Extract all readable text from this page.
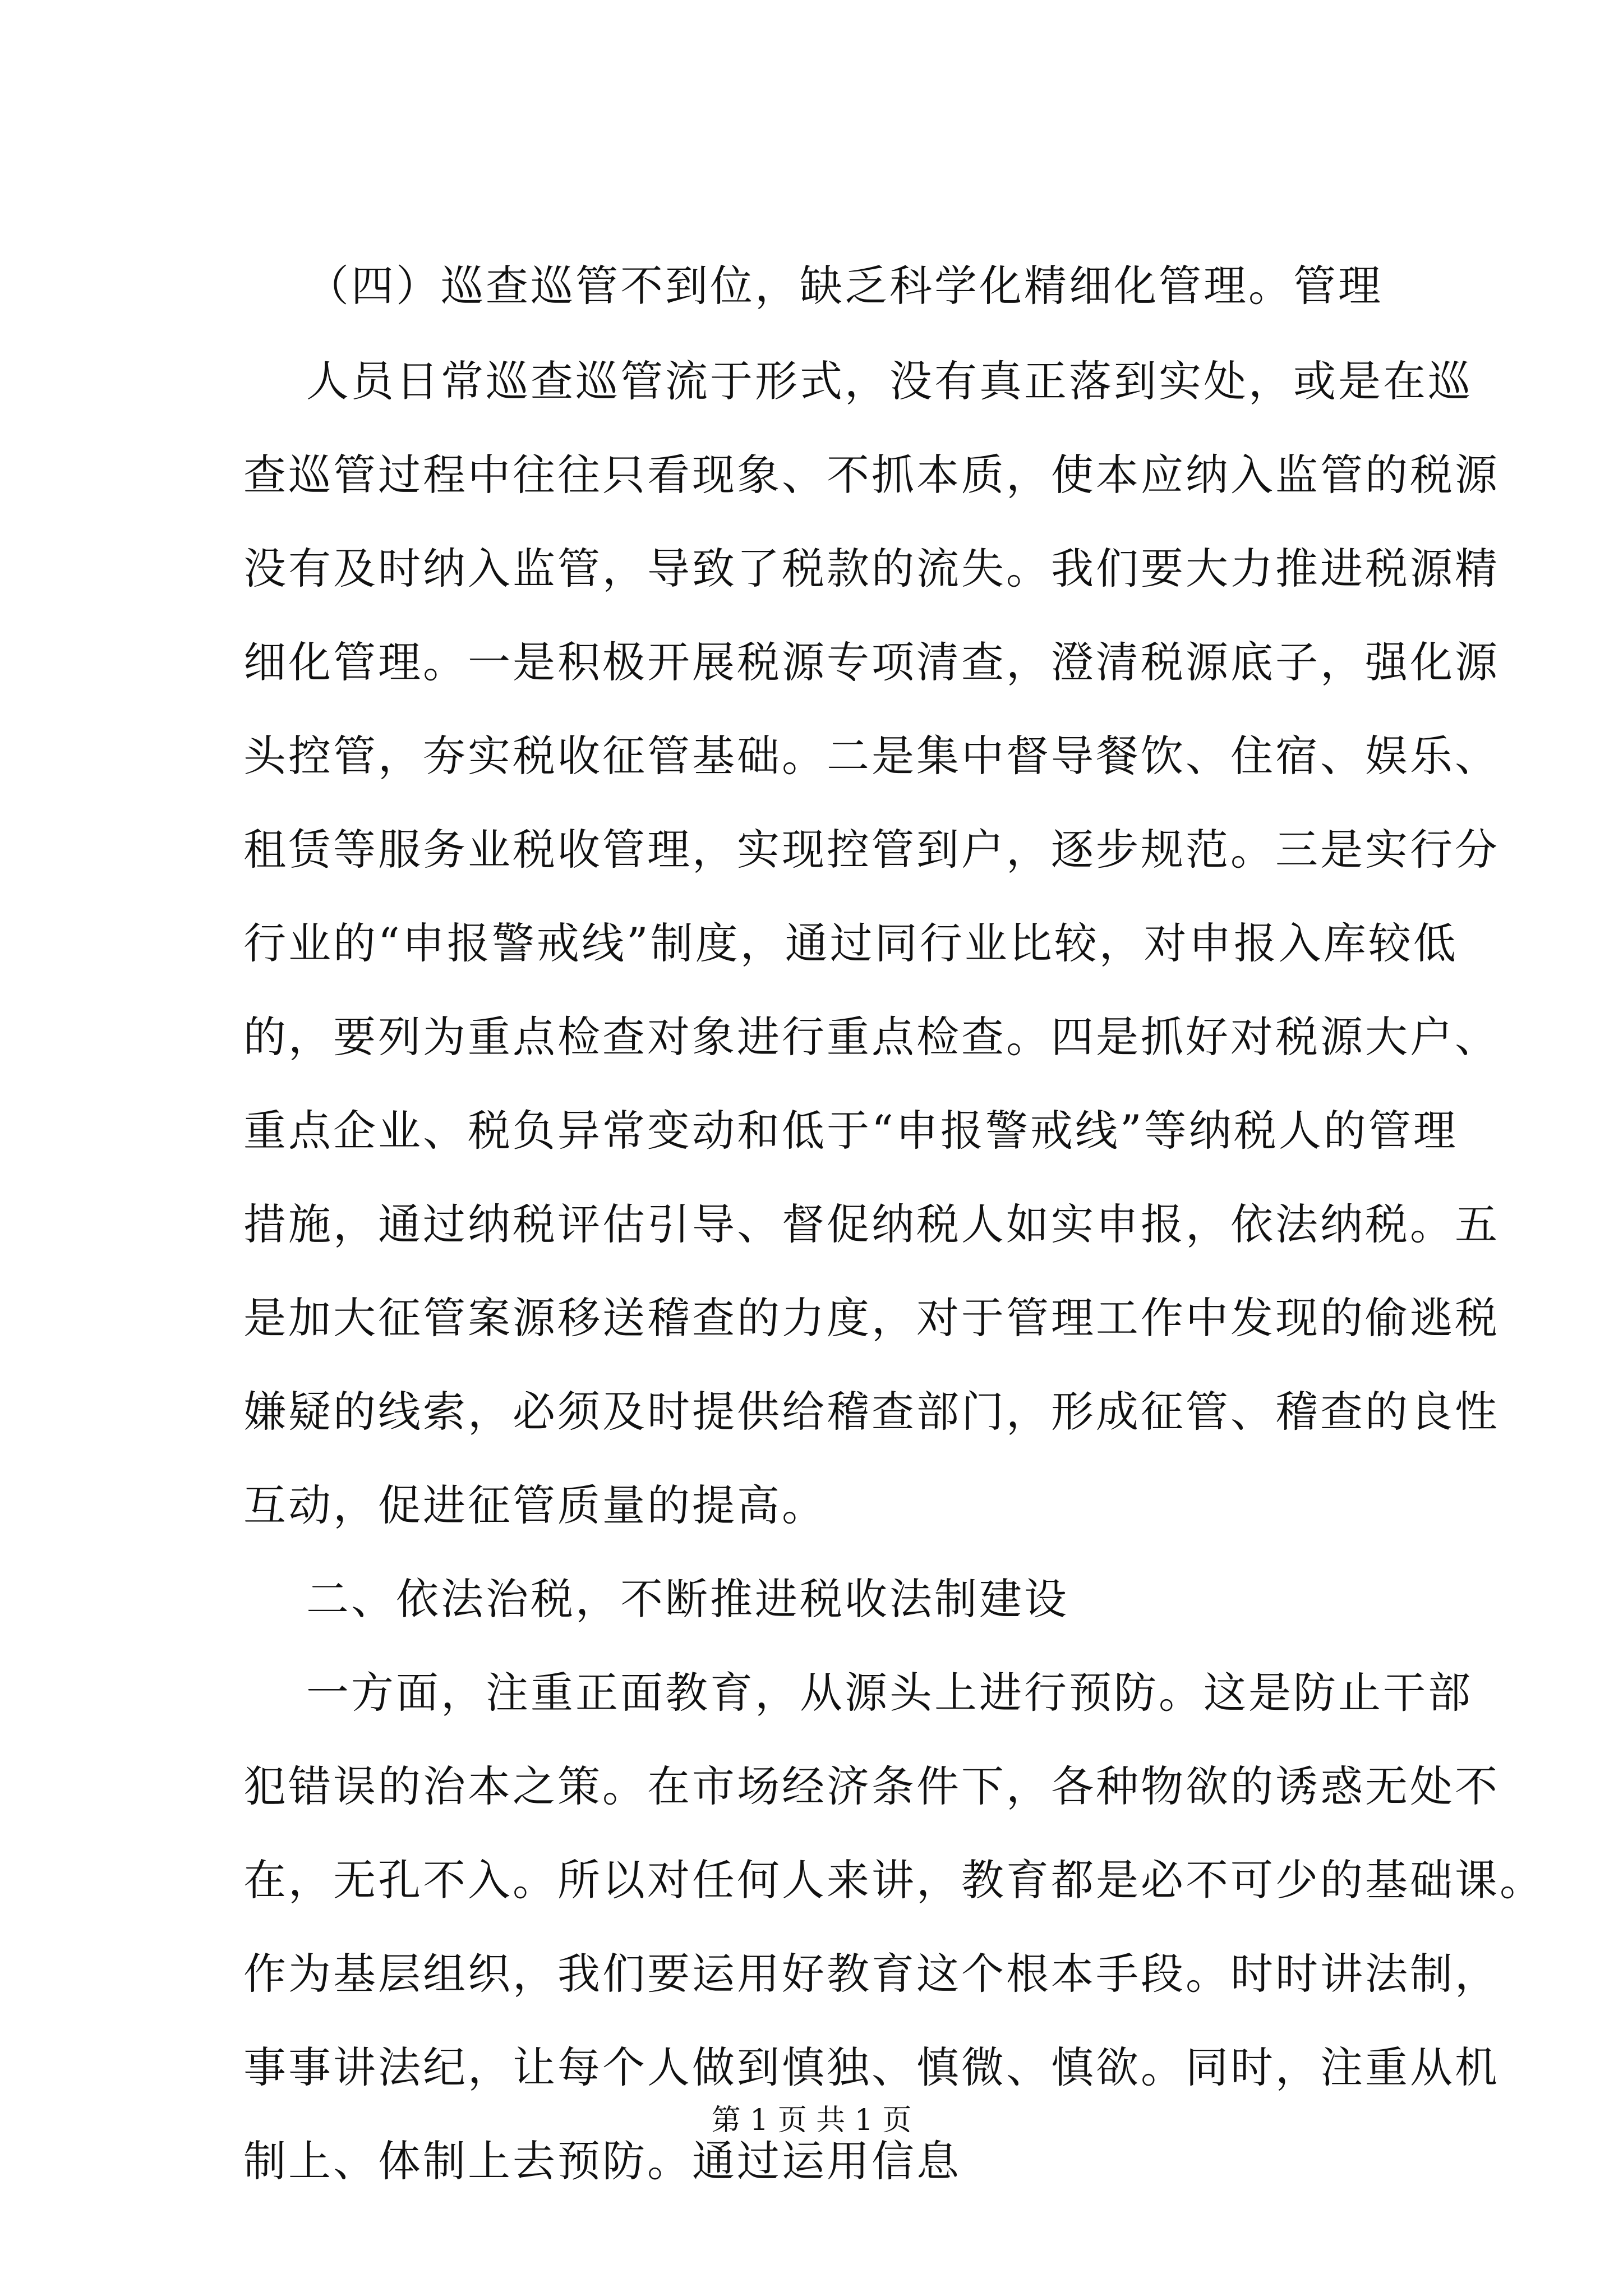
（四）巡查巡管不到位，缺乏科学化精细化管理。管理
人员日常巡查巡管流于形式，没有真正落到实处，或是在巡
查巡管过程中往往只看现象、不抓本质，使本应纳入监管的税源
没有及时纳入监管，导致了税款的流失。我们要大力推进税源精
细化管理。一是积极开展税源专项清查，澄清税源底子，强化源
头控管，夯实税收征管基础。二是集中督导餐饮、住宿、娱乐、
租赁等服务业税收管理，实现控管到户，逐步规范。三是实行分
行业的“申报警戒线”制度，通过同行业比较，对申报入库较低
的，要列为重点检查对象进行重点检查。四是抓好对税源大户、
重点企业、税负异常变动和低于“申报警戒线”等纳税人的管理
措施，通过纳税评估引导、督促纳税人如实申报，依法纳税。五
是加大征管案源移送稽查的力度，对于管理工作中发现的偷逃税
嫌疑的线索，必须及时提供给稽查部门，形成征管、稽查的良性
互动，促进征管质量的提高。
二、依法治税，不断推进税收法制建设
一方面，注重正面教育，从源头上进行预防。这是防止干部
犯错误的治本之策。在市场经济条件下，各种物欲的诱惑无处不
在，无孔不入。所以对任何人来讲，教育都是必不可少的基础课。
作为基层组织，我们要运用好教育这个根本手段。时时讲法制，
事事讲法纪，让每个人做到慎独、慎微、慎欲。同时，注重从机
制上、体制上去预防。通过运用信息
第 1 页 共 1 页
